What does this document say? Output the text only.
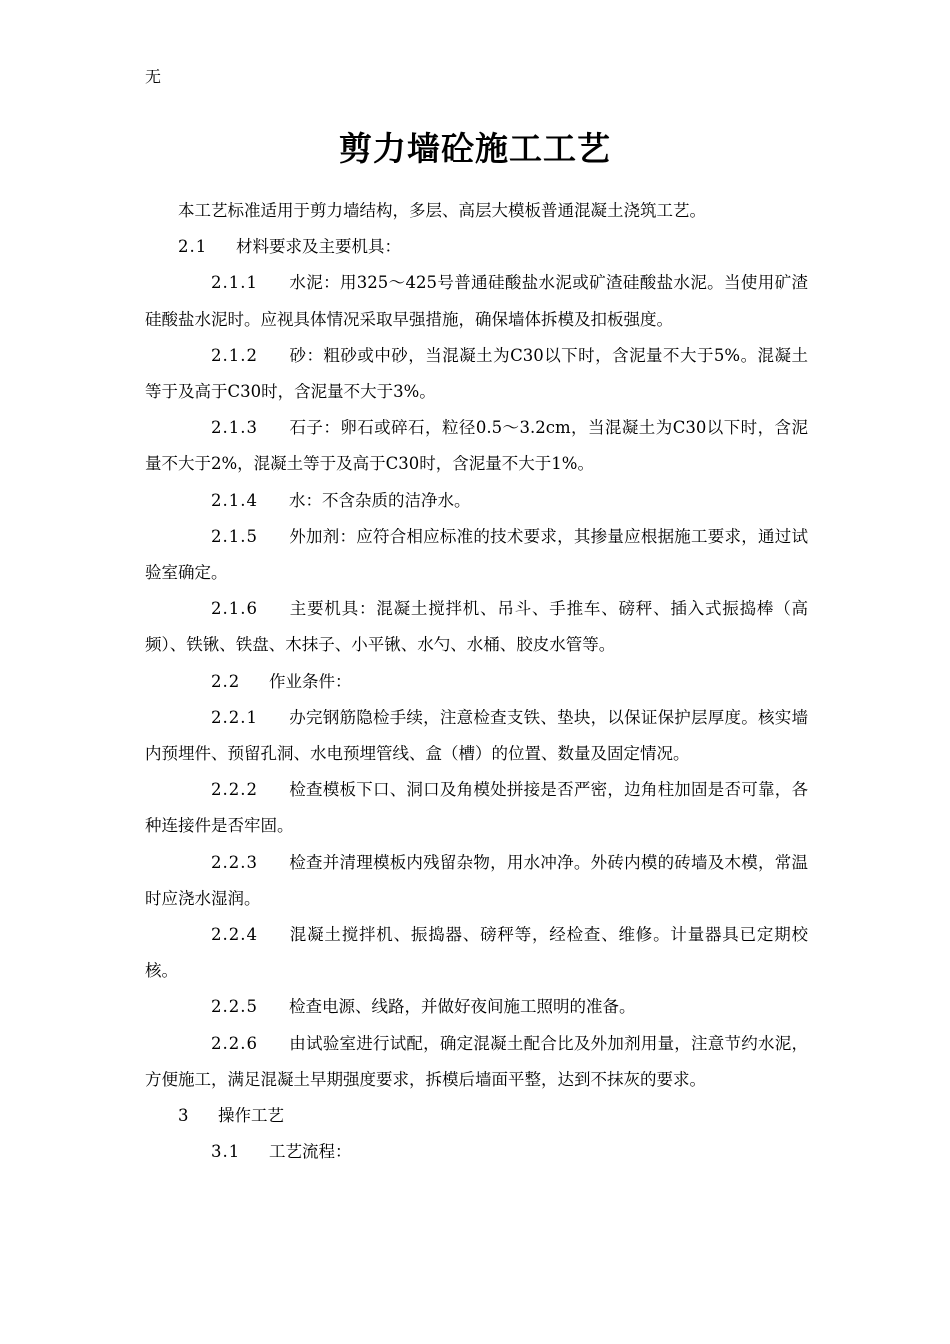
无
剪力墙砼施工工艺

本工艺标准适用于剪力墙结构，多层、高层大模板普通混凝土浇筑工艺。

2.1 材料要求及主要机具：

2.1.1 水泥：用325～425号普通硅酸盐水泥或矿渣硅酸盐水泥。当使用矿渣硅酸盐水泥时。应视具体情况采取早强措施，确保墙体拆模及扣板强度。

2.1.2 砂：粗砂或中砂，当混凝土为C30以下时，含泥量不大于5%。混凝土等于及高于C30时，含泥量不大于3%。

2.1.3 石子：卵石或碎石，粒径0.5～3.2cm，当混凝土为C30以下时，含泥量不大于2%，混凝土等于及高于C30时，含泥量不大于1%。

2.1.4 水：不含杂质的洁净水。

2.1.5 外加剂：应符合相应标准的技术要求，其掺量应根据施工要求，通过试验室确定。

2.1.6 主要机具：混凝土搅拌机、吊斗、手推车、磅秤、插入式振捣棒（高频）、铁锹、铁盘、木抹子、小平锹、水勺、水桶、胶皮水管等。

2.2 作业条件：

2.2.1 办完钢筋隐检手续，注意检查支铁、垫块，以保证保护层厚度。核实墙内预埋件、预留孔洞、水电预埋管线、盒（槽）的位置、数量及固定情况。

2.2.2 检查模板下口、洞口及角模处拼接是否严密，边角柱加固是否可靠，各种连接件是否牢固。

2.2.3 检查并清理模板内残留杂物，用水冲净。外砖内模的砖墙及木模，常温时应浇水湿润。

2.2.4 混凝土搅拌机、振捣器、磅秤等，经检查、维修。计量器具已定期校核。

2.2.5 检查电源、线路，并做好夜间施工照明的准备。

2.2.6 由试验室进行试配，确定混凝土配合比及外加剂用量，注意节约水泥，方便施工，满足混凝土早期强度要求，拆模后墙面平整，达到不抹灰的要求。

3 操作工艺

3.1 工艺流程：
